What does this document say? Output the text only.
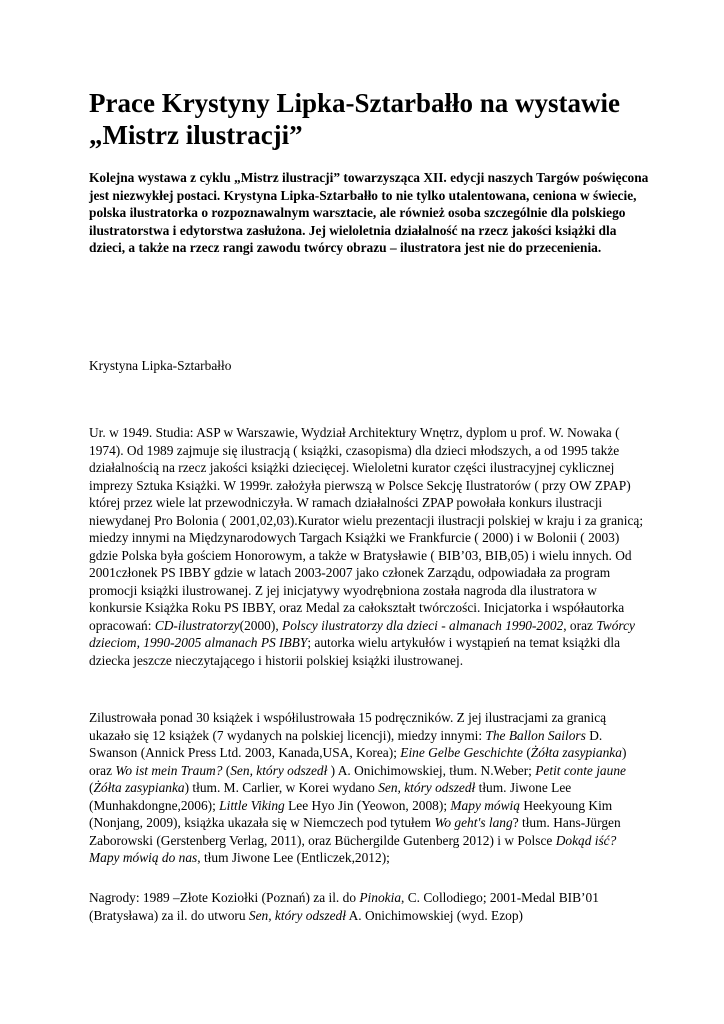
Prace Krystyny Lipka-Sztarbałło na wystawie „Mistrz ilustracji”

Kolejna wystawa z cyklu „Mistrz ilustracji” towarzysząca XII. edycji naszych Targów poświęcona jest niezwykłej postaci. Krystyna Lipka-Sztarbałło to nie tylko utalentowana, ceniona w świecie, polska ilustratorka o rozpoznawalnym warsztacie, ale również osoba szczególnie dla polskiego ilustratorstwa i edytorstwa zasłużona. Jej wieloletnia działalność na rzecz jakości książki dla dzieci, a także na rzecz rangi zawodu twórcy obrazu – ilustratora jest nie do przecenienia.

Krystyna Lipka-Sztarbałło

Ur. w 1949. Studia: ASP w Warszawie, Wydział Architektury Wnętrz, dyplom u prof. W. Nowaka ( 1974). Od 1989 zajmuje się ilustracją ( książki, czasopisma) dla dzieci młodszych, a od 1995 także działalnością na rzecz jakości książki dziecięcej. Wieloletni kurator części ilustracyjnej cyklicznej imprezy Sztuka Książki. W 1999r. założyła pierwszą w Polsce Sekcję Ilustratorów ( przy OW ZPAP) której przez wiele lat przewodniczyła. W ramach działalności ZPAP powołała konkurs ilustracji niewydanej Pro Bolonia ( 2001,02,03).Kurator wielu prezentacji ilustracji polskiej w kraju i za granicą; miedzy innymi na Międzynarodowych Targach Książki we Frankfurcie ( 2000) i w Bolonii ( 2003) gdzie Polska była gościem Honorowym, a także w Bratysławie ( BIB’03, BIB,05) i wielu innych. Od 2001członek PS IBBY gdzie w latach 2003-2007 jako członek Zarządu, odpowiadała za program promocji książki ilustrowanej. Z jej inicjatywy wyodrębniona została nagroda dla ilustratora w konkursie Książka Roku PS IBBY, oraz Medal za całokształt twórczości. Inicjatorka i współautorka opracowań: CD-ilustratorzy(2000), Polscy ilustratorzy dla dzieci - almanach 1990-2002, oraz Twórcy dzieciom, 1990-2005 almanach PS IBBY; autorka wielu artykułów i wystąpień na temat książki dla dziecka jeszcze nieczytającego i historii polskiej książki ilustrowanej.

Zilustrowała ponad 30 książek i współilustrowała 15 podręczników. Z jej ilustracjami za granicą ukazało się 12 książek (7 wydanych na polskiej licencji), miedzy innymi: The Ballon Sailors D. Swanson (Annick Press Ltd. 2003, Kanada,USA, Korea); Eine Gelbe Geschichte (Żółta zasypianka) oraz Wo ist mein Traum? (Sen, który odszedł ) A. Onichimowskiej, tłum. N.Weber; Petit conte jaune (Żółta zasypianka) tłum. M. Carlier, w Korei wydano Sen, który odszedł tłum. Jiwone Lee (Munhakdongne,2006); Little Viking Lee Hyo Jin (Yeowon, 2008); Mapy mówią Heekyoung Kim (Nonjang, 2009), książka ukazała się w Niemczech pod tytułem Wo geht's lang? tłum. Hans-Jürgen Zaborowski (Gerstenberg Verlag, 2011), oraz Büchergilde Gutenberg 2012) i w Polsce Dokąd iść? Mapy mówią do nas, tłum Jiwone Lee (Entliczek,2012);

Nagrody: 1989 –Złote Koziołki (Poznań) za il. do Pinokia, C. Collodiego; 2001-Medal BIB’01 (Bratysława) za il. do utworu Sen, który odszedł A. Onichimowskiej (wyd. Ezop)
